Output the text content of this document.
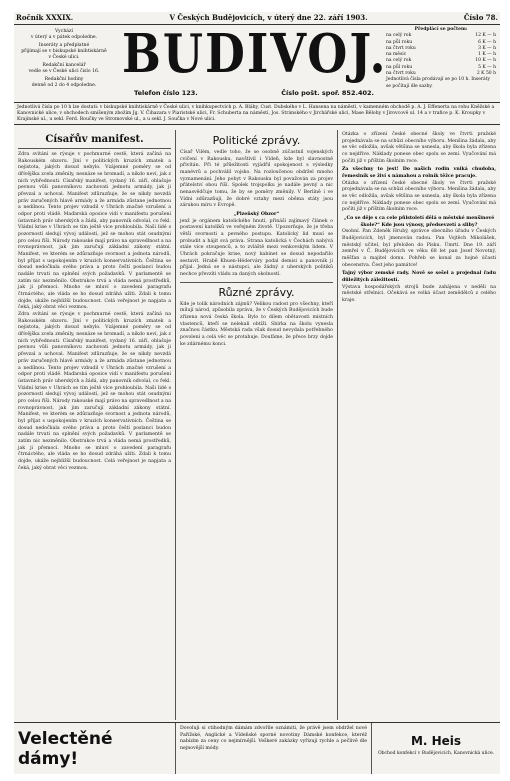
Ročník XXXIX.	V Českých Budějovicích, v úterý dne 22. září 1903.	Číslo 78.

Vychází
v úterý a v pátek odpoledne.

Inseráty a předplatné
přijímají se v biskupské knihtiskárně
v České ulici.

Redakční kancelář
vedle se v České ulici čislo 16.

Redakční hodiny
denně od 2 do 4 odpoledne.

BUDIVOJ.
Telefon číslo 123.	Číslo pošt. spoř. 852.402.
Předplácí se počtem:
na celý rok	12 K — h
na půl roku	6 K — h
na čtvrt roku	3 K — h
na měsíc	1 K — h
na celý rok	10 K — h
na půl roku	5 K — h
na čtvrt roku	2 K 50 h
Jednotlivá čísla prodávají se po 10 h. Inseráty se počítají dle sazby.
Jednotlivá čísla po 10 h lze dostati: v biskupské knihtiskárně v České ulici, v knihkupectvích p. A. Bláhy, Cust. Dubského v L. Hansena na náměstí, v kamenném obchodě p. A. J. Effenerta na rohu Kněžské a Kanovnické ulice, v obchodech smíšeným zbožím Jg. V. Čihazara v Piaristské ulici, Fr. Schuberta na náměstí, Jos. Stránského v Jirchářské ulici, Mase Bělohy v Jirovcově ul. 14 a v trafice p. K. Kroupky v Krajinské ul., u sekl. Ferd. Roučky ve Stromovské ul., a u sekl. J. Součka v Nové ulici.
Císařův manifest.

Zdra svítání se rýsuje v pochmurné cestě, která začíná na Rakouském obzoru. Jiní v politických kruzích zmatek a nejistota, jakých dosud nebylo. Vzájemné poměry se od dřívějška zcela změnily, nesnáze se hromadí, a nikdo neví, jak z nich vybřednouti. Císařský manifest, vydaný 16. září, ohlašuje pevnou vůli panovníkovu zachovati jednotu armády, jak ji převzal a uchoval. Manifest zdůrazňuje, že se nikdy nevzdá práv zaručených hlavě armády a že armáda zůstane jednotnou a nedílnou. Tento projev vzbudil v Uhrách značné vzrušení a odpor proti vládě. Maďarská oposice vidí v manifestu porušení ústavních práv uherských a žádá, aby panovník odvolal, co řekl. Vládní krise v Uhrách se tím ještě více prohloubila. Naši lidé s pozorností sledují vývoj událostí, jež se mohou stát osudnými pro celou říši. Národy rakouské mají právo na spravedlnost a na rovnoprávnost, jak jim zaručují základní zákony státní. Manifest, ve kterém se zdůrazňuje svornost a jednota národů, byl přijat s uspokojením v kruzích konservativních. Čeština se dosud nedočkala svého práva a proto čeští poslanci budou nadále trvati na splnění svých požadavků. V parlamentě se zatím nic nezměnilo. Obstrukce trvá a vláda nemá prostředků, jak ji přemoci. Mnoho se mluví o zavedení paragrafu čtrnáctého, ale vláda se ho dosud zdráhá užíti. Zdali k tomu dojde, ukáže nejbližší budoucnost. Celá veřejnost je napjata a čeká, jaký obrat věci vezmou.

Zdra svítání se rýsuje v pochmurné cestě, která začíná na Rakouském obzoru. Jiní v politických kruzích zmatek a nejistota, jakých dosud nebylo. Vzájemné poměry se od dřívějška zcela změnily, nesnáze se hromadí, a nikdo neví, jak z nich vybřednouti. Císařský manifest, vydaný 16. září, ohlašuje pevnou vůli panovníkovu zachovati jednotu armády, jak ji převzal a uchoval. Manifest zdůrazňuje, že se nikdy nevzdá práv zaručených hlavě armády a že armáda zůstane jednotnou a nedílnou. Tento projev vzbudil v Uhrách značné vzrušení a odpor proti vládě. Maďarská oposice vidí v manifestu porušení ústavních práv uherských a žádá, aby panovník odvolal, co řekl. Vládní krise v Uhrách se tím ještě více prohloubila. Naši lidé s pozorností sledují vývoj událostí, jež se mohou stát osudnými pro celou říši. Národy rakouské mají právo na spravedlnost a na rovnoprávnost, jak jim zaručují základní zákony státní. Manifest, ve kterém se zdůrazňuje svornost a jednota národů, byl přijat s uspokojením v kruzích konservativních. Čeština se dosud nedočkala svého práva a proto čeští poslanci budou nadále trvati na splnění svých požadavků. V parlamentě se zatím nic nezměnilo. Obstrukce trvá a vláda nemá prostředků, jak ji přemoci. Mnoho se mluví o zavedení paragrafu čtrnáctého, ale vláda se ho dosud zdráhá užíti. Zdali k tomu dojde, ukáže nejbližší budoucnost. Celá veřejnost je napjata a čeká, jaký obrat věci vezmou.

Politické zprávy.

Císař Vilém, vedle toho, že se osobně zúčastnil vojenských cvičení v Rakousku, navštívil i Vídeň, kde byl slavnostně přivítán. Při té příležitosti vyjádřil spokojenost s výsledky manévrů a pochválil vojsko. Na rozloučenou obdržel mnoho vyznamenání. Jeho pobyt v Rakousku byl považován za projev přátelství obou říší. Spolek trojspolku je nadále pevný a nic nenasvědčuje tomu, že by se poměry změnily. V Berlíně i ve Vídni zdůrazňují, že dobré vztahy mezi oběma státy jsou zárukou míru v Evropě.

„Plzeňský Obzor“

jenž je orgánem katolického hnutí, přináší zajímavý článek o postavení katolíků ve veřejném životě. Upozorňuje, že je třeba větší svornosti a pevného postupu. Katolický lid musí se probudit a hájit svá práva. Strana katolická v Čechách nabývá stále více stoupenců, a to zvláště mezi venkovským lidem. V Uhrách pokračuje krise, nový kabinet se dosud nepodařilo sestavit. Hrabě Khuen-Héderváry podal demisi a panovník ji přijal. Jedná se o nástupci, ale žádný z uherských politiků nechce převzíti vládu za daných okolností.

Různé zprávy.

Kde je tolik národních zájmů? Velikou radost pro všechny, kteří milují národ, způsobila zpráva, že v Českých Budějovicích bude zřízena nová česká škola. Bylo to dílem obětavosti místních vlastenců, kteří se nelekali obtíží. Sbírka na školu vynesla značnou částku. Městská rada však dosud nevydala potřebného povolení a celá věc se protahuje. Doufáme, že přece brzy dojde ke zdárnému konci.

Otázka o zřízení české obecné školy ve čtvrti pražské projednávala se na schůzi obecního výboru. Menšina žádala, aby se věc odložila, avšak většina se usnesla, aby škola byla zřízena co nejdříve. Náklady ponese obec spolu se zemí. Vyučování má počíti již v příštím školním roce.

Za všechny to jest! Do našich rodin vniká chudoba, řemeslník se živí s námahou a rolník těžce pracuje.

Otázka o zřízení české obecné školy ve čtvrti pražské projednávala se na schůzi obecního výboru. Menšina žádala, aby se věc odložila, avšak většina se usnesla, aby škola byla zřízena co nejdříve. Náklady ponese obec spolu se zemí. Vyučování má počíti již v příštím školním roce.

„Co se děje s ca cele půlstoletí dělá o městské menšinové škole?“ Kde jsou výnosy, předsevzetí a sliby?

Osobní. Pan Zdeněk Hrubý, správce obecního úřadu v Českých Budějovicích, byl jmenován radou. Pan Vojtěch Mikolášek, městský učitel, byl přeložen do Písku. Úmrtí. Dne 19. září zemřel v Č. Budějovicích ve věku 68 let pan Josef Novotný, měšťan a majitel domu. Pohřeb se konal za hojné účasti obecenstva. Čest jeho památce!

Tajný výbor zemské rady. Nově se sešel a projednal řadu důležitých záležitostí.

Výstava hospodářských strojů bude zahájena v neděli na městské střelnici. Očekává se velká účast zemědělců z celého kraje.

Velectěné dámy!
Dovoluji si ctihodným dámám zdvořile oznámiti, že právě jsem obdržel nové Pařížské, Anglické a Vídeňské sporné novotiny Dámské konfekce, kteréž nabízím za ceny co nejmírnější. Veškeré zakázky vyřizuji rychle a pečlivě dle nejnovější módy.
M. Heis
Obchod konfekcí v Budějovicích, Kanovnická ulice.
